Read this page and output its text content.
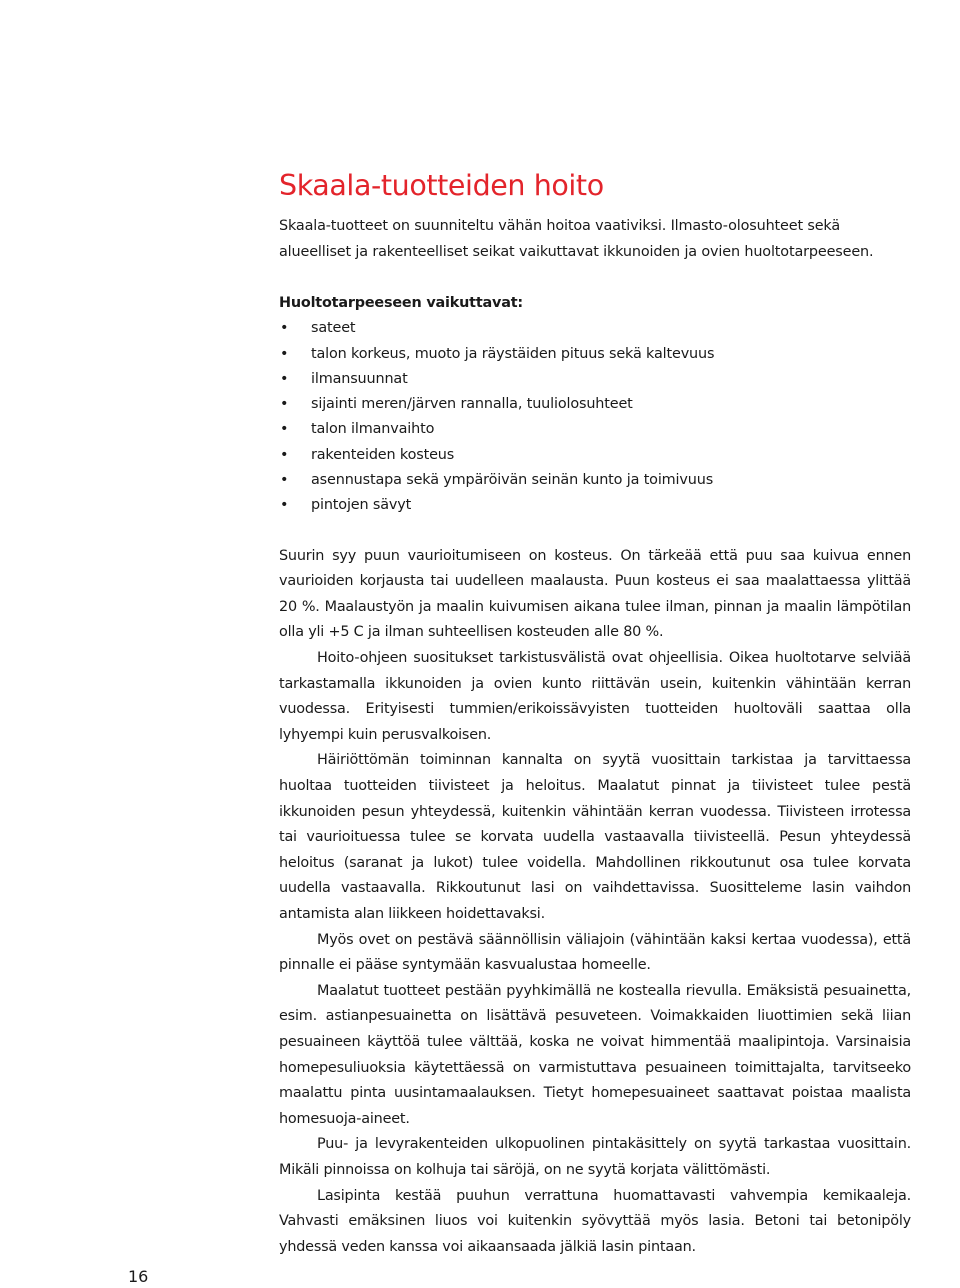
Skaala-tuotteiden hoito

Skaala-tuotteet on suunniteltu vähän hoitoa vaativiksi. Ilmasto-olosuhteet sekä alueelliset ja rakenteelliset seikat vaikuttavat ikkunoiden ja ovien huoltotarpeeseen.

Huoltotarpeeseen vaikuttavat:
• sateet
• talon korkeus, muoto ja räystäiden pituus sekä kaltevuus
• ilmansuunnat
• sijainti meren/järven rannalla, tuuliolosuhteet
• talon ilmanvaihto
• rakenteiden kosteus
• asennustapa sekä ympäröivän seinän kunto ja toimivuus
• pintojen sävyt

Suurin syy puun vaurioitumiseen on kosteus. On tärkeää että puu saa kuivua ennen vaurioiden korjausta tai uudelleen maalausta. Puun kosteus ei saa maalattaessa ylittää 20 %. Maalaustyön ja maalin kuivumisen aikana tulee ilman, pinnan ja maalin lämpötilan olla yli +5 C ja ilman suhteellisen kosteuden alle 80 %.

Hoito-ohjeen suositukset tarkistusvälistä ovat ohjeellisia. Oikea huoltotarve selviää tarkastamalla ikkunoiden ja ovien kunto riittävän usein, kuitenkin vähintään kerran vuodessa. Erityisesti tummien/erikoissävyisten tuotteiden huoltoväli saattaa olla lyhyempi kuin perusvalkoisen.

Häiriöttömän toiminnan kannalta on syytä vuosittain tarkistaa ja tarvittaessa huoltaa tuotteiden tiivisteet ja heloitus. Maalatut pinnat ja tiivisteet tulee pestä ikkunoiden pesun yhteydessä, kuitenkin vähintään kerran vuodessa. Tiivisteen irrotessa tai vaurioituessa tulee se korvata uudella vastaavalla tiivisteellä. Pesun yhteydessä heloitus (saranat ja lukot) tulee voidella. Mahdollinen rikkoutunut osa tulee korvata uudella vastaavalla. Rikkoutunut lasi on vaihdettavissa. Suositteleme lasin vaihdon antamista alan liikkeen hoidettavaksi.

Myös ovet on pestävä säännöllisin väliajoin (vähintään kaksi kertaa vuodessa), että pinnalle ei pääse syntymään kasvualustaa homeelle.

Maalatut tuotteet pestään pyyhkimällä ne kostealla rievulla. Emäksistä pesuainetta, esim. astianpesuainetta on lisättävä pesuveteen. Voimakkaiden liuottimien sekä liian pesuaineen käyttöä tulee välttää, koska ne voivat himmentää maalipintoja. Varsinaisia homepesuliuoksia käytettäessä on varmistuttava pesuaineen toimittajalta, tarvitseeko maalattu pinta uusintamaalauksen. Tietyt homepesuaineet saattavat poistaa maalista homesuoja-aineet.

Puu- ja levyrakenteiden ulkopuolinen pintakäsittely on syytä tarkastaa vuosittain. Mikäli pinnoissa on kolhuja tai säröjä, on ne syytä korjata välittömästi.

Lasipinta kestää puuhun verrattuna huomattavasti vahvempia kemikaaleja. Vahvasti emäksinen liuos voi kuitenkin syövyttää myös lasia. Betoni tai betonipöly yhdessä veden kanssa voi aikaansaada jälkiä lasin pintaan.

16
